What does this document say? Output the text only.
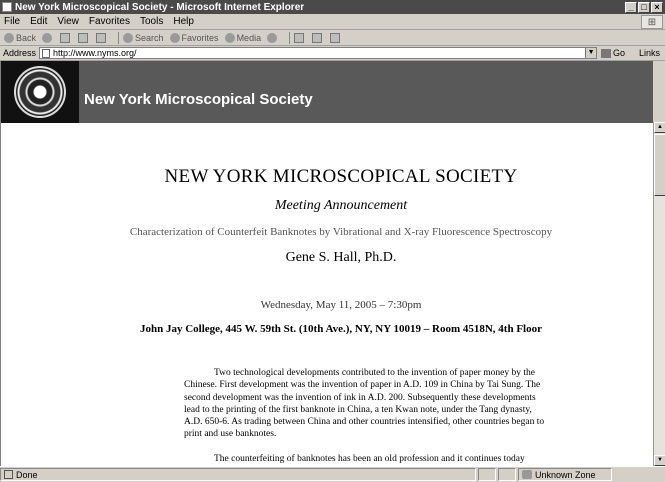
New York Microscopical Society - Microsoft Internet Explorer	_ □ ×
File Edit View Favorites Tools Help	⊞
Back	Search Favorites Media
Address http://www.nyms.org/	▼ Go Links
New York Microscopical Society
NEW YORK MICROSCOPICAL SOCIETY
Meeting Announcement
Characterization of Counterfeit Banknotes by Vibrational and X-ray Fluorescence Spectroscopy
Gene S. Hall, Ph.D.
Wednesday, May 11, 2005 – 7:30pm
John Jay College, 445 W. 59th St. (10th Ave.), NY, NY 10019 – Room 4518N, 4th Floor
Two technological developments contributed to the invention of paper money by the Chinese. First development was the invention of paper in A.D. 109 in China by Tai Sung. The second development was the invention of ink in A.D. 200. Subsequently these developments lead to the printing of the first banknote in China, a ten Kwan note, under the Tang dynasty, A.D. 650-6. As trading between China and other countries intensified, other countries began to print and use banknotes.
The counterfeiting of banknotes has been an old profession and it continues today
▲
▼
Done	Unknown Zone
